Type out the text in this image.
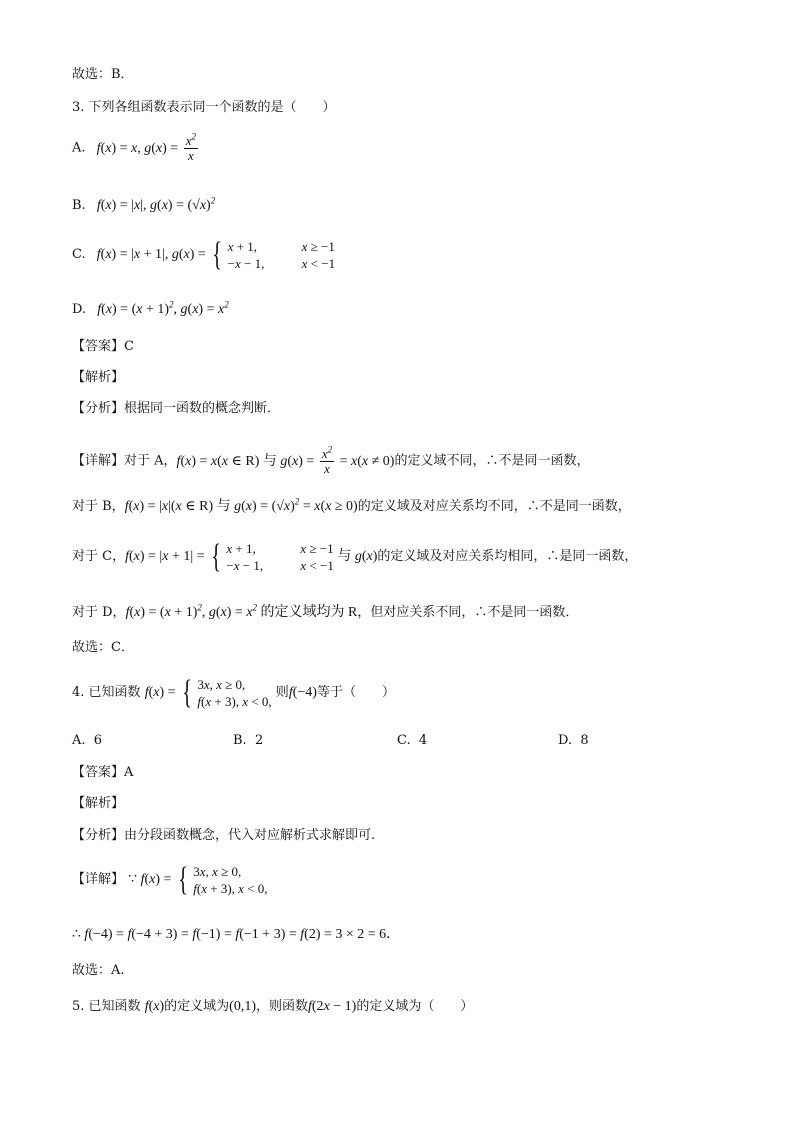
故选：B．
3. 下列各组函数表示同一个函数的是（　　）
A.   f(x) = x, $g(x) = \frac{x^2}{x}$
B.   f(x) = |x|, $g(x) = (√x)^2$
C.   f(x) = |x + 1|, g(x) = { x + 1,	x ≥ −1
−x − 1,	x < −1
D.   $f(x) = (x + 1)^2$, $g(x) = x^2$
【答案】C
【解析】
【分析】根据同一函数的概念判断．
【详解】对于 A，f(x) = x(x ∈ R) 与 $g(x) = \frac{x^2}{x} = x(x \ne 0)$的定义域不同，∴不是同一函数，
对于 B，f(x) = |x|(x ∈ R) 与 $g(x) = (√x)^2 = x(x \ge 0)$的定义域及对应关系均不同，∴不是同一函数，
对于 C，f(x) = |x + 1| = { x + 1,	x ≥ −1
−x − 1,	x < −1
与 g(x)的定义域及对应关系均相同，∴是同一函数，
对于 D，$f(x) = (x + 1)^2$, $g(x) = x^2$ 的定义域均为 R，但对应关系不同，∴不是同一函数．
故选：C．
4. 已知函数 f(x) = { 3x, x ≥ 0,
f(x + 3), x < 0,
则f(−4)等于（　　）
A. 6	B. 2	C. 4	D. 8
【答案】A
【解析】
【分析】由分段函数概念，代入对应解析式求解即可.
【详解】 ∵ f(x) = { 3x, x ≥ 0,
f(x + 3), x < 0,
∴ f(−4) = f(−4 + 3) = f(−1) = f(−1 + 3) = f(2) = 3 × 2 = 6．
故选：A.
5. 已知函数 f(x)的定义域为(0,1)，则函数f(2x − 1)的定义域为（　　）
